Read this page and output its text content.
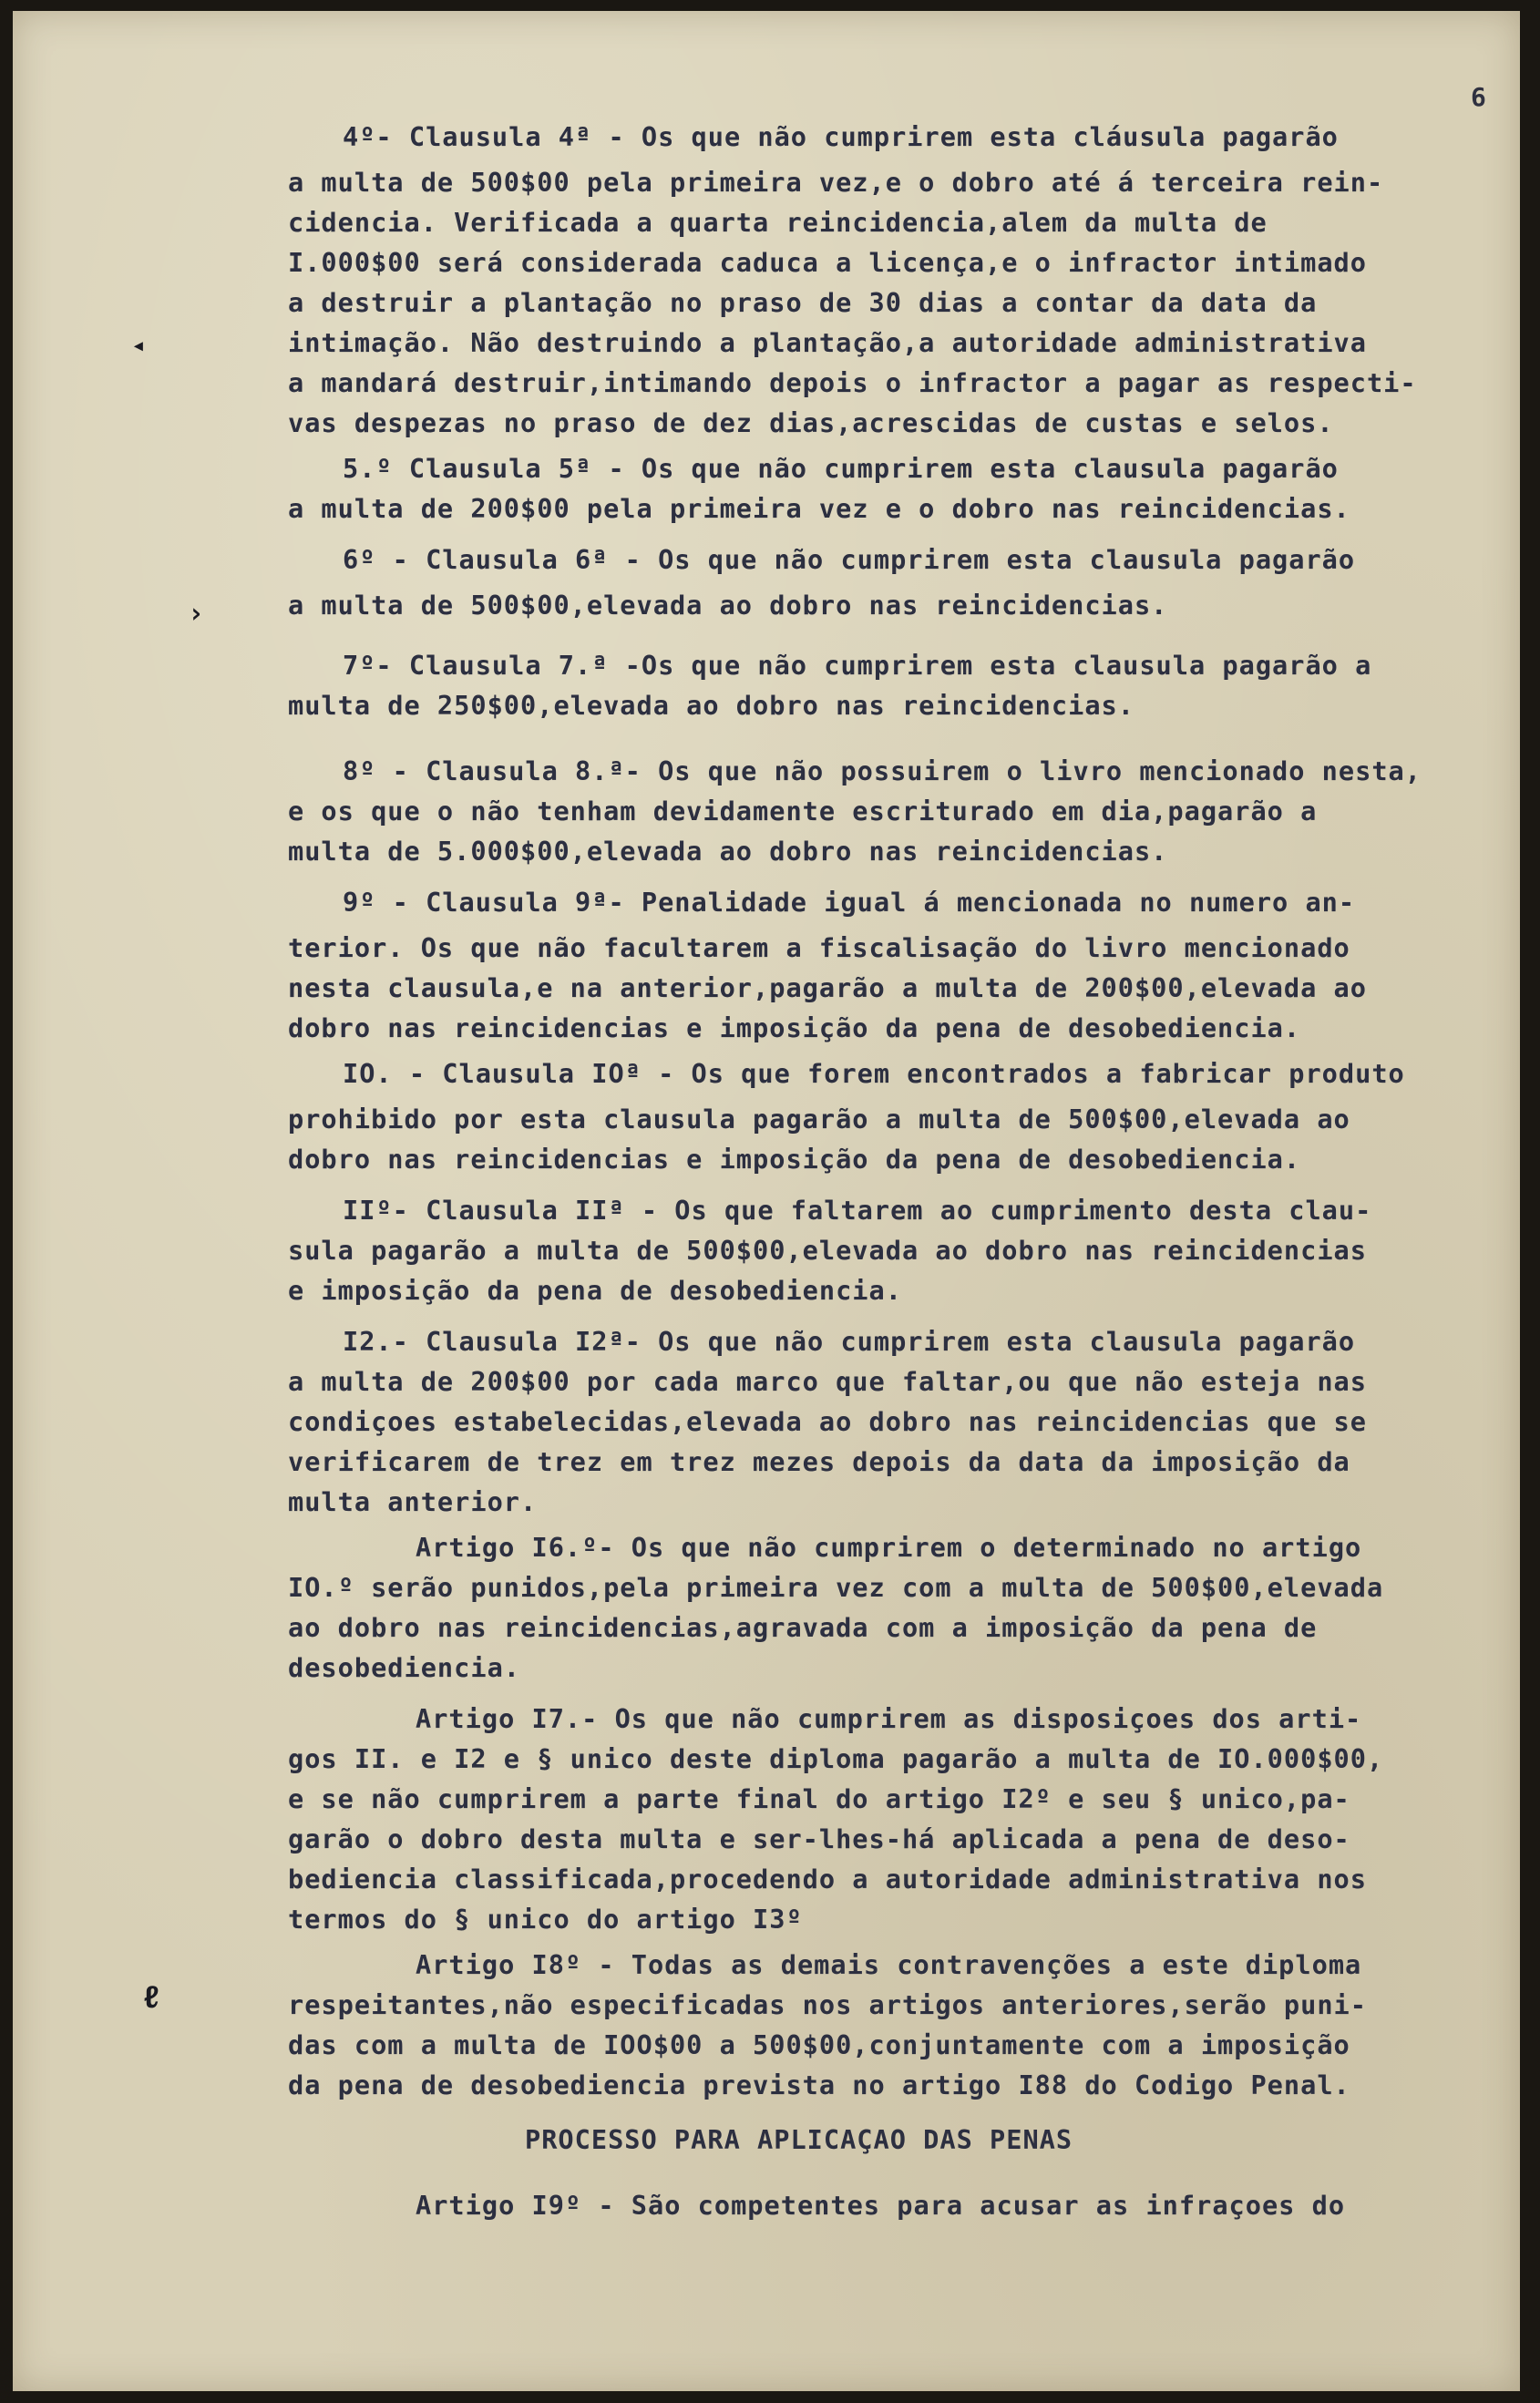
6
◂
›
ℓ
4º- Clausula 4ª - Os que não cumprirem esta cláusula pagarão
a multa de 500$00 pela primeira vez,e o dobro até á terceira rein-
cidencia. Verificada a quarta reincidencia,alem da multa de
I.000$00 será considerada caduca a licença,e o infractor intimado
a destruir a plantação no praso de 30 dias a contar da data da
intimação. Não destruindo a plantação,a autoridade administrativa
a mandará destruir,intimando depois o infractor a pagar as respecti-
vas despezas no praso de dez dias,acrescidas de custas e selos.
5.º Clausula 5ª - Os que não cumprirem esta clausula pagarão
a multa de 200$00 pela primeira vez e o dobro nas reincidencias.
6º - Clausula 6ª - Os que não cumprirem esta clausula pagarão
a multa de 500$00,elevada ao dobro nas reincidencias.
7º- Clausula 7.ª -Os que não cumprirem esta clausula pagarão a
multa de 250$00,elevada ao dobro nas reincidencias.
8º - Clausula 8.ª- Os que não possuirem o livro mencionado nesta,
e os que o não tenham devidamente escriturado em dia,pagarão a
multa de 5.000$00,elevada ao dobro nas reincidencias.
9º - Clausula 9ª- Penalidade igual á mencionada no numero an-
terior. Os que não facultarem a fiscalisação do livro mencionado
nesta clausula,e na anterior,pagarão a multa de 200$00,elevada ao
dobro nas reincidencias e imposição da pena de desobediencia.
IO. - Clausula IOª - Os que forem encontrados a fabricar produto
prohibido por esta clausula pagarão a multa de 500$00,elevada ao
dobro nas reincidencias e imposição da pena de desobediencia.
IIº- Clausula IIª - Os que faltarem ao cumprimento desta clau-
sula pagarão a multa de 500$00,elevada ao dobro nas reincidencias
e imposição da pena de desobediencia.
I2.- Clausula I2ª- Os que não cumprirem esta clausula pagarão
a multa de 200$00 por cada marco que faltar,ou que não esteja nas
condiçoes estabelecidas,elevada ao dobro nas reincidencias que se
verificarem de trez em trez mezes depois da data da imposição da
multa anterior.
Artigo I6.º- Os que não cumprirem o determinado no artigo
IO.º serão punidos,pela primeira vez com a multa de 500$00,elevada
ao dobro nas reincidencias,agravada com a imposição da pena de
desobediencia.
Artigo I7.- Os que não cumprirem as disposiçoes dos arti-
gos II. e I2 e § unico deste diploma pagarão a multa de IO.000$00,
e se não cumprirem a parte final do artigo I2º e seu § unico,pa-
garão o dobro desta multa e ser-lhes-há aplicada a pena de deso-
bediencia classificada,procedendo a autoridade administrativa nos
termos do § unico do artigo I3º
Artigo I8º - Todas as demais contravenções a este diploma
respeitantes,não especificadas nos artigos anteriores,serão puni-
das com a multa de IOO$00 a 500$00,conjuntamente com a imposição
da pena de desobediencia prevista no artigo I88 do Codigo Penal.
PROCESSO PARA APLICAÇAO DAS PENAS
Artigo I9º - São competentes para acusar as infraçoes do
